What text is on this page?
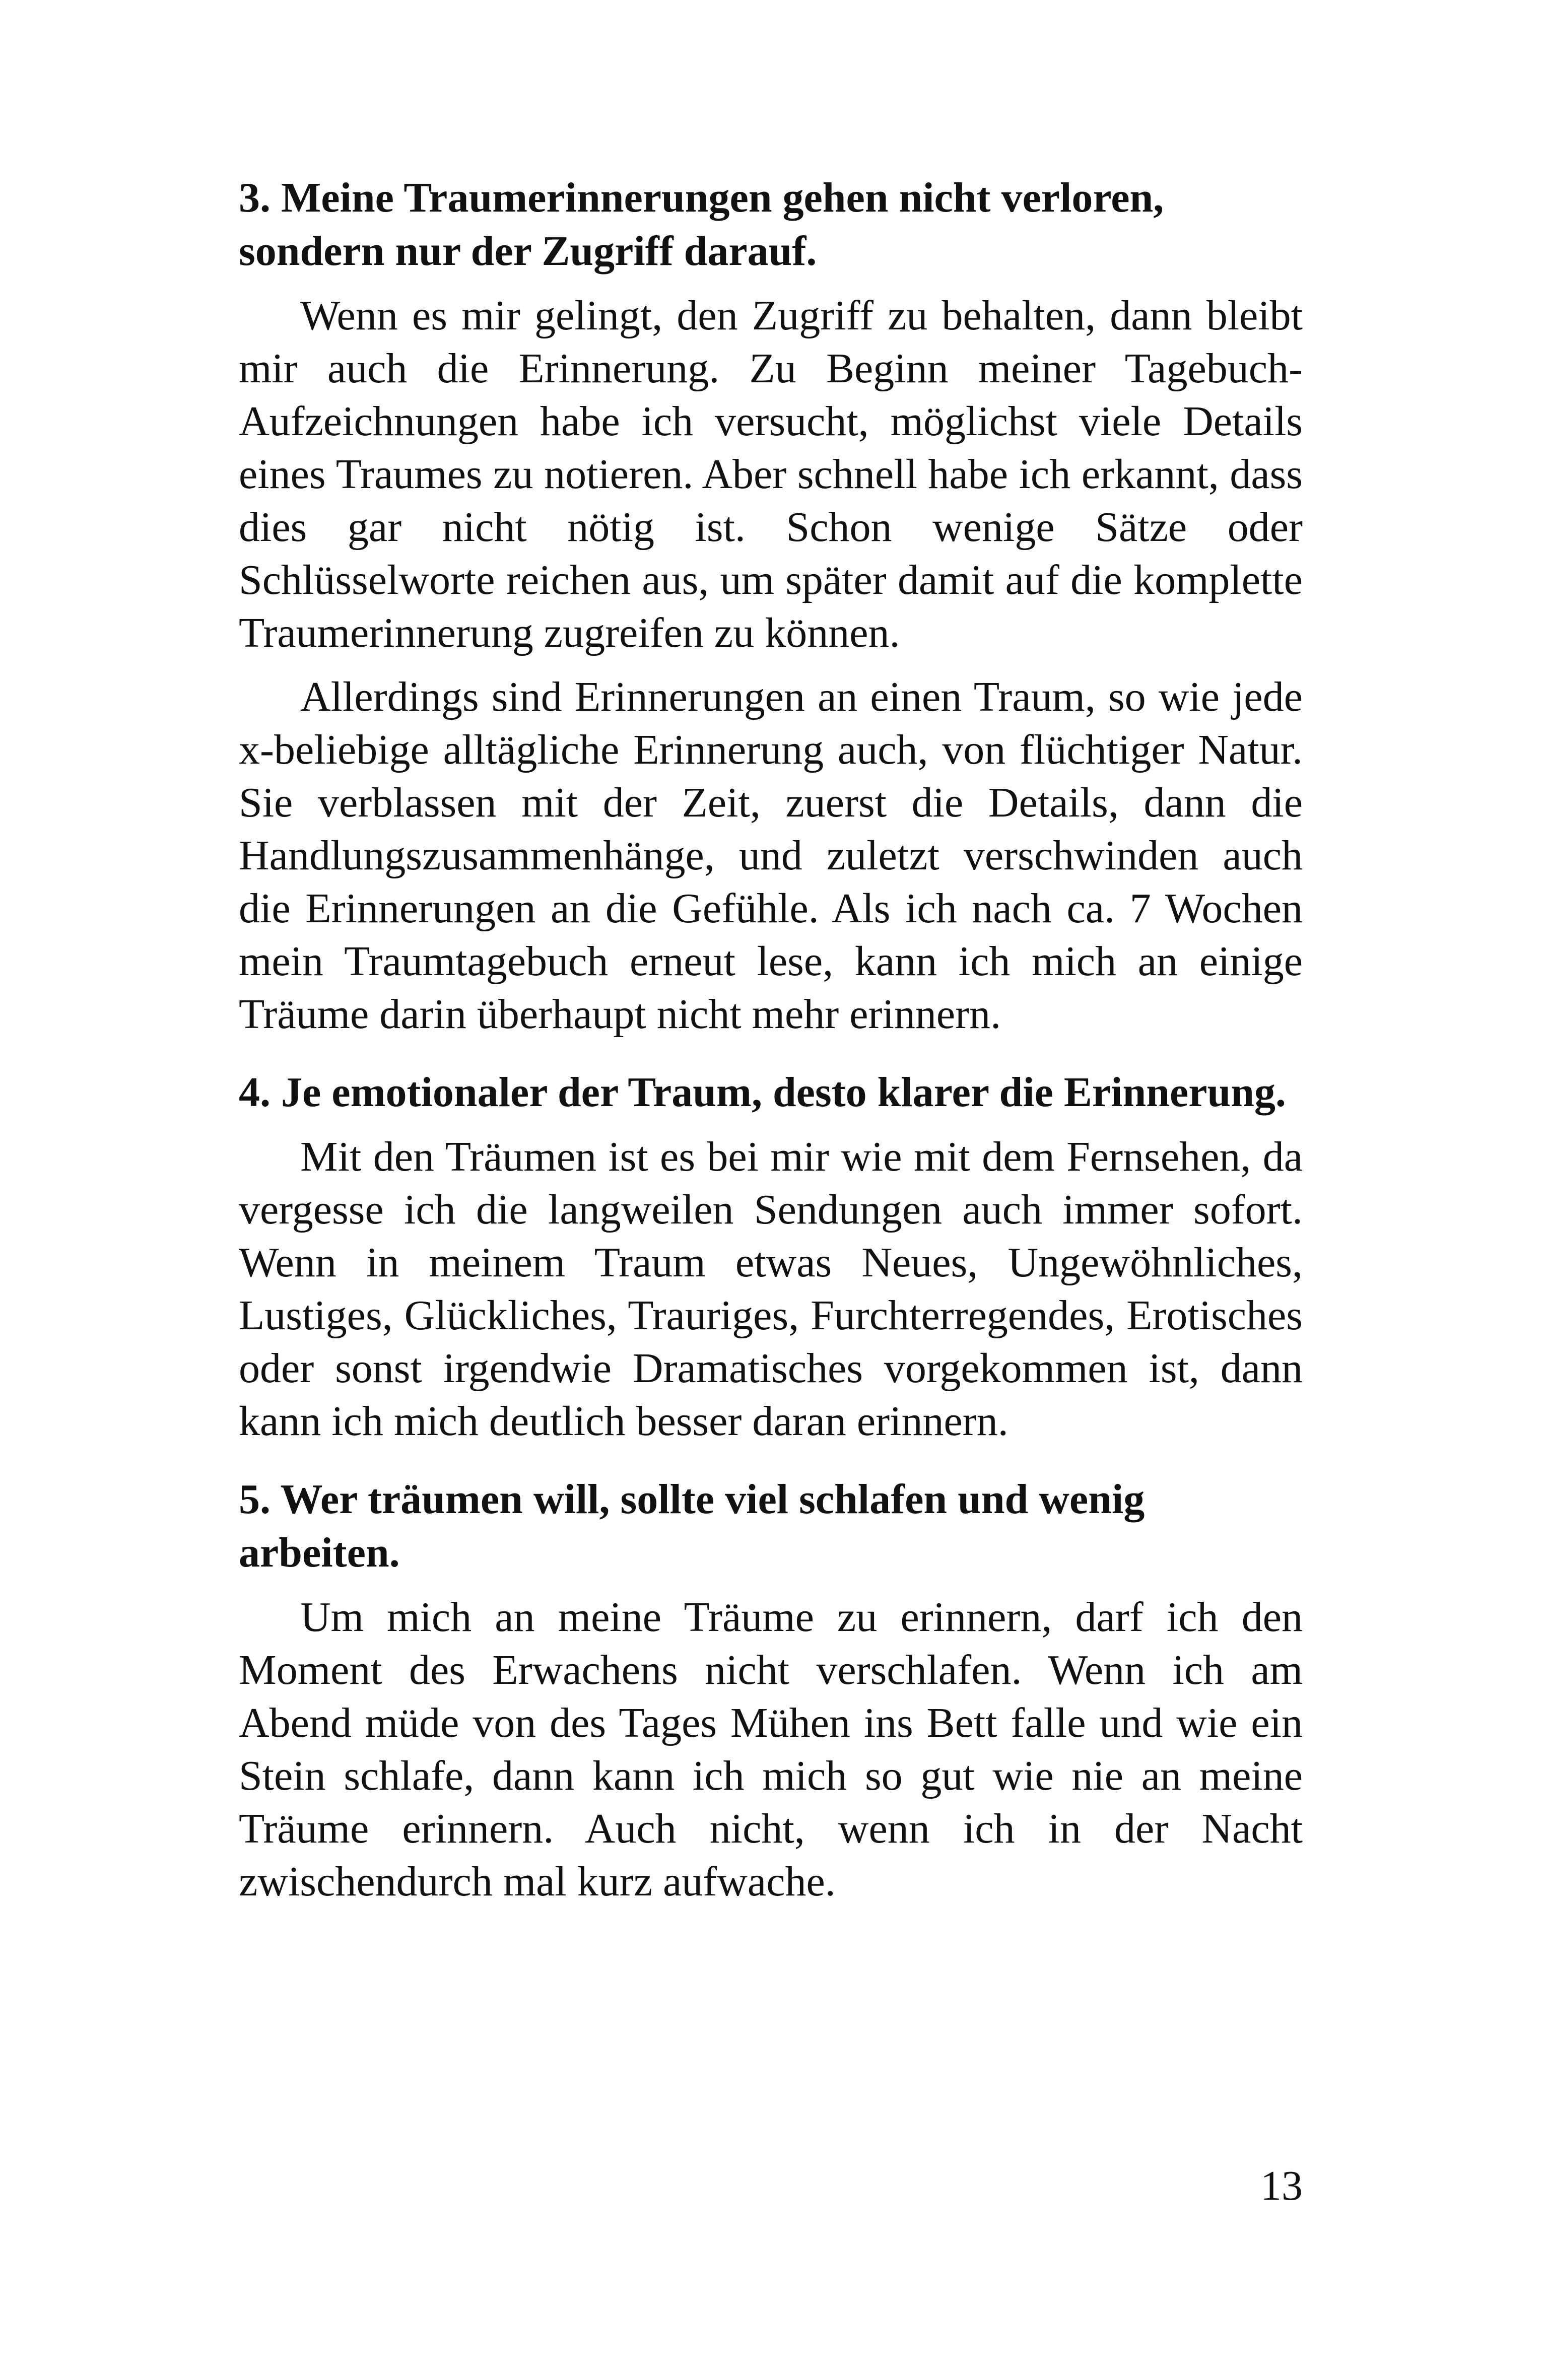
3. Meine Traumerinnerungen gehen nicht verloren, sondern nur der Zugriff darauf.

Wenn es mir gelingt, den Zugriff zu behalten, dann bleibt mir auch die Erinnerung. Zu Beginn meiner Tagebuch-Aufzeichnungen habe ich versucht, möglichst viele Details eines Traumes zu notieren. Aber schnell habe ich erkannt, dass dies gar nicht nötig ist. Schon wenige Sätze oder Schlüsselworte reichen aus, um später damit auf die komplette Traumerinnerung zugreifen zu können.

Allerdings sind Erinnerungen an einen Traum, so wie jede x-beliebige alltägliche Erinnerung auch, von flüchtiger Natur. Sie verblassen mit der Zeit, zuerst die Details, dann die Handlungszusammenhänge, und zuletzt verschwinden auch die Erinnerungen an die Gefühle. Als ich nach ca. 7 Wochen mein Traumtagebuch erneut lese, kann ich mich an einige Träume darin überhaupt nicht mehr erinnern.

4. Je emotionaler der Traum, desto klarer die Erinnerung.

Mit den Träumen ist es bei mir wie mit dem Fernsehen, da vergesse ich die langweilen Sendungen auch immer sofort. Wenn in meinem Traum etwas Neues, Ungewöhnliches, Lustiges, Glückliches, Trauriges, Furchterregendes, Erotisches oder sonst irgendwie Dramatisches vorgekommen ist, dann kann ich mich deutlich besser daran erinnern.

5. Wer träumen will, sollte viel schlafen und wenig arbeiten.

Um mich an meine Träume zu erinnern, darf ich den Moment des Erwachens nicht verschlafen. Wenn ich am Abend müde von des Tages Mühen ins Bett falle und wie ein Stein schlafe, dann kann ich mich so gut wie nie an meine Träume erinnern. Auch nicht, wenn ich in der Nacht zwischendurch mal kurz aufwache.

13
